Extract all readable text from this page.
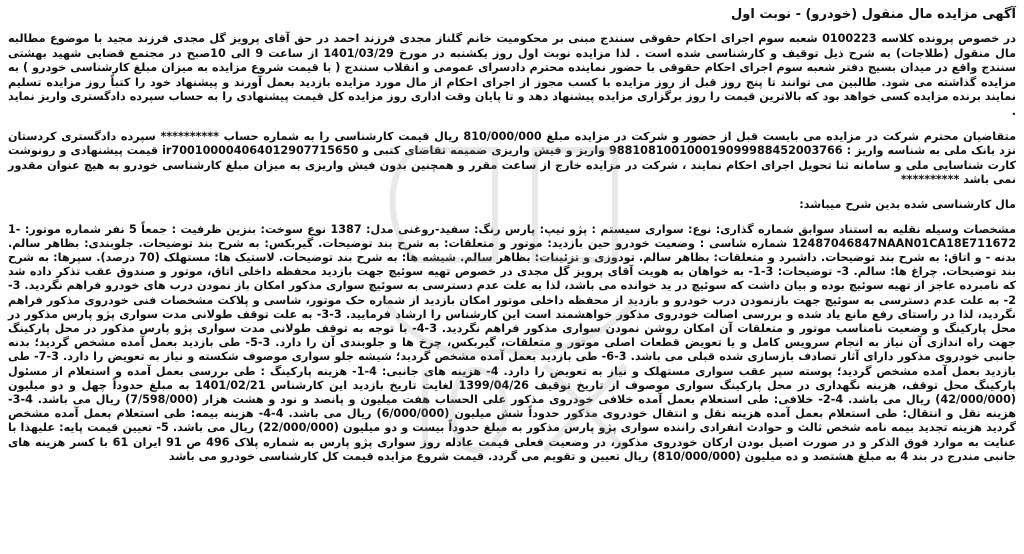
آگهی مزایده مال منقول (خودرو) - نوبت اول

در خصوص پرونده کلاسه 0100223 شعبه سوم اجرای احکام حقوقی سنندج مبنی بر محکومیت خانم گلناز مجدی فرزند احمد در حق آقای پرویز گل مجدی فرزند مجید با موضوع مطالبه مال منقول (طلاجات) به شرح ذیل توقیف و کارشناسی شده است . لذا مزایده نوبت اول روز یکشنبه در مورخ 1401/03/29 از ساعت 9 الی 10صبح در مجتمع قضایی شهید بهشتی سنندج واقع در میدان بسیج دفتر شعبه سوم اجرای احکام حقوقی با حضور نماینده محترم دادسرای عمومی و انقلاب سنندج ( با قیمت شروع مزایده به میزان مبلغ کارشناسی خودرو ) به مزایده گذاشته می شود. طالبین می توانند تا پنج روز قبل از روز مزایده با کسب مجوز از اجرای احکام از مال مورد مزایده بازدید بعمل آورند و پیشنهاد خود را کتباً روز مزایده تسلیم نمایند برنده مزایده کسی خواهد بود که بالاترین قیمت را روز برگزاری مزایده پیشنهاد دهد و تا پایان وقت اداری روز مزایده کل قیمت پیشنهادی را به حساب سپرده دادگستری واریز نماید .

متقاضیان محترم شرکت در مزایده می بایست قبل از حضور و شرکت در مزایده مبلغ 810/000/000 ریال قیمت کارشناسی را به شماره حساب ********** سپرده دادگستری کردستان نزد بانک ملی به شناسه واریز : 988108100100019099988452003766 واریز و فیش واریزی ضمیمه تقاضای کتبی و ir700100004064012907715650 قیمت پیشنهادی و رونوشت کارت شناسایی ملی و سامانه ثنا تحویل اجرای احکام نمایند ، شرکت در مزایده خارج از ساعت مقرر و همچنین بدون فیش واریزی به میزان مبلغ کارشناسی خودرو به هیچ عنوان مقدور نمی باشد **********

مال کارشناسی شده بدین شرح میباشد:

مشخصات وسیله نقلیه به استناد سوابق شماره گذاری: نوع: سواری سیستم : پژو تیپ: پارس رنگ: سفید-روغنی مدل: 1387 نوع سوخت: بنزین ظرفیت : جمعاً 5 نفر شماره موتور: -1 12487046847NAAN01CA18E711672 شماره شاسی : وضعیت خودرو حین بازدید: موتور و متعلقات: به شرح بند توضیحات. گیربکس: به شرح بند توضیحات. جلوبندی: بظاهر سالم. بدنه - و اتاق: به شرح بند توضیحات. داشبرد و متعلقات: بظاهر سالم. تودوزی و تزئینات: بظاهر سالم. شیشه ها: به شرح بند توضیحات. لاستیک ها: مستهلک (70 درصد). سپرها: به شرح بند توضیحات. چراغ ها: سالم. 3- توضیحات: 3-1- به خواهان به هویت آقای پرویز گل مجدی در خصوص تهیه سوئیچ جهت بازدید محفظه داخلی اتاق، موتور و صندوق عقب تذکر داده شد که نامبرده عاجز از تهیه سوئیچ بوده و بیان داشت که سوئیچ در ید خوانده می باشد، لذا به علت عدم دسترسی به سوئیچ سواری مذکور امکان باز نمودن درب های خودرو فراهم نگردید. 3-2- به علت عدم دسترسی به سوئیچ جهت بازنمودن درب خودرو و بازدید از محفظه داخلی موتور امکان بازدید از شماره حک موتور، شاسی و پلاکت مشخصات فنی خودروی مذکور فراهم نگردید، لذا در راستای رفع مانع یاد شده و بررسی اصالت خودروی مذکور خواهشمند است این کارشناس را ارشاد فرمایید. 3-3- به علت توقف طولانی مدت سواری پژو پارس مذکور در محل پارکینگ و وضعیت نامناسب موتور و متعلقات آن امکان روشن نمودن سواری مذکور فراهم نگردید. 3-4- با توجه به توقف طولانی مدت سواری پژو پارس مذکور در محل پارکینگ جهت راه اندازی آن نیاز به انجام سرویس کامل و یا تعویض قطعات اصلی موتور و متعلقات، گیربکس، چرخ ها و جلوبندی آن را دارد. 3-5- طی بازدید بعمل آمده مشخص گردید؛ بدنه جانبی خودروی مذکور دارای آثار تصادف بازسازی شده قبلی می باشد. 3-6- طی بازدید بعمل آمده مشخص گردید؛ شیشه جلو سواری موصوف شکسته و نیاز به تعویض را دارد. 3-7- طی بازدید بعمل آمده مشخص گردید؛ پوسته سپر عقب سواری مستهلک و نیاز به تعویض را دارد. 4- هزینه های جانبی: 4-1- هزینه پارکینگ : طی بررسی بعمل آمده و استعلام از مسئول پارکینگ محل توقف، هزینه نگهداری در محل پارکینگ سواری موصوف از تاریخ توقیف 1399/04/26 لغایت تاریخ بازدید این کارشناس 1401/02/21 به مبلغ حدوداً چهل و دو میلیون (42/000/000) ریال می باشد. 4-2- خلافی: طی استعلام بعمل آمده خلافی خودروی مذکور علی الحساب هفت میلیون و پانصد و نود و هشت هزار (7/598/000) ریال می باشد. 4-3- هزینه نقل و انتقال: طی استعلام بعمل آمده هزینه نقل و انتقال خودروی مذکور حدوداً شش میلیون (6/000/000) ریال می باشد. 4-4- هزینه بیمه: طی استعلام بعمل آمده مشخص گردید هزینه تجدید بیمه نامه شخص ثالث و حوادث انفرادی راننده سواری پژو پارس مذکور به مبلغ حدوداً بیست و دو میلیون (22/000/000) ریال می باشد. 5- تعیین قیمت پایه: علیهذا با عنایت به موارد فوق الذکر و در صورت اصیل بودن ارکان خودروی مذکور، در وضعیت فعلی قیمت عادله روز سواری پژو پارس به شماره پلاک 496 ص 91 ایران 61 با کسر هزینه های جانبی مندرج در بند 4 به مبلغ هشتصد و ده میلیون (810/000/000) ریال تعیین و تقویم می گردد. قیمت شروع مزایده قیمت کل کارشناسی خودرو می باشد
